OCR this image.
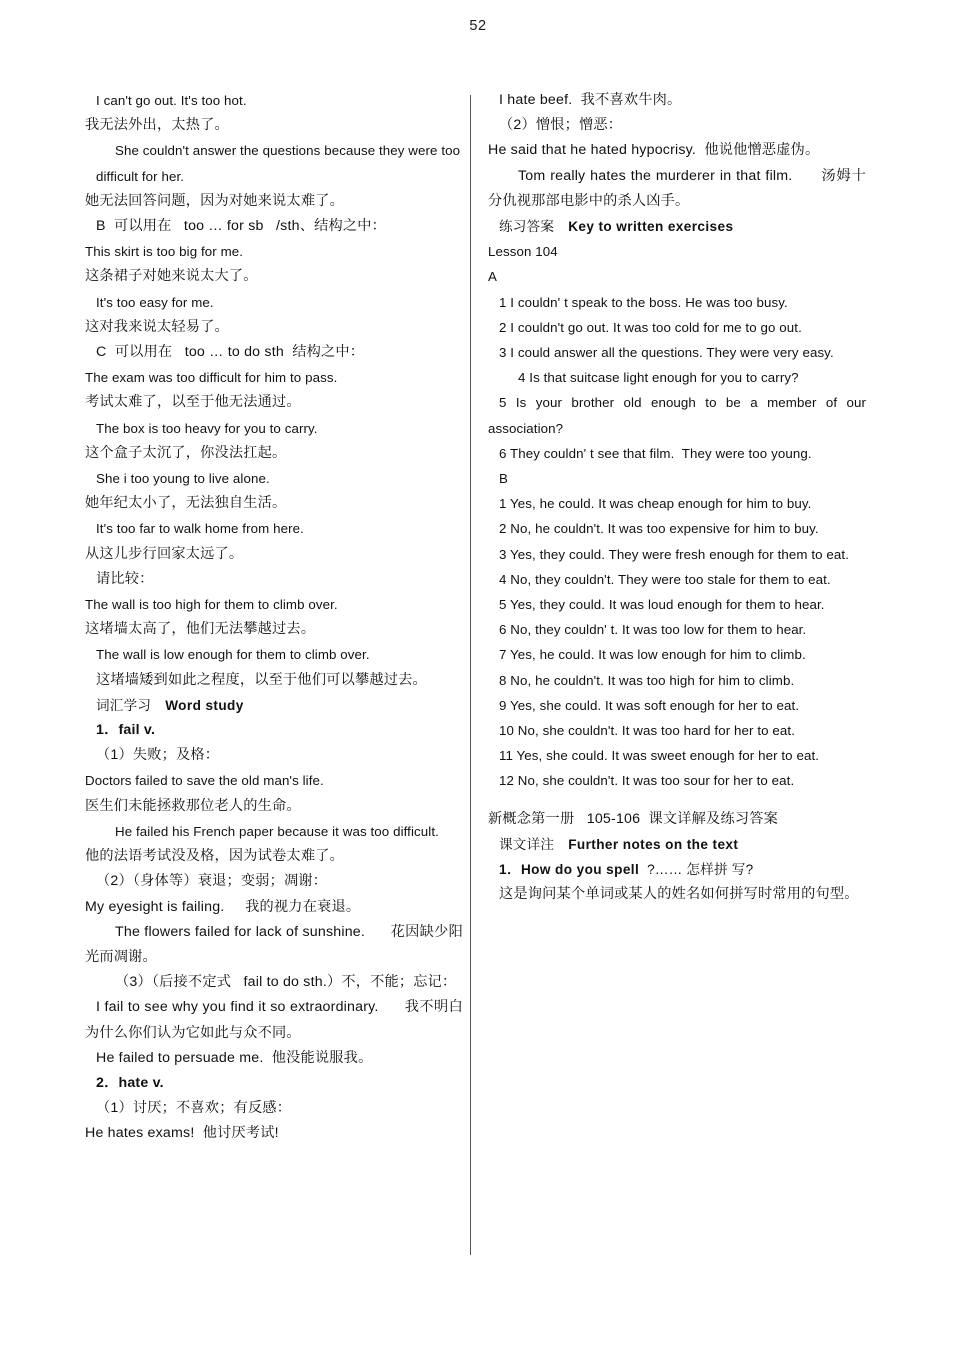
52

I can't go out. It's too hot.

我无法外出，太热了。

She couldn't answer the questions because they were too

difficult for her.

她无法回答问题，因为对她来说太难了。

B  可以用在   too … for sb   /sth、结构之中：

This skirt is too big for me.

这条裙子对她来说太大了。

It's too easy for me.

这对我来说太轻易了。

C  可以用在   too … to do sth  结构之中：

The exam was too difficult for him to pass.

考试太难了，以至于他无法通过。

The box is too heavy for you to carry.

这个盒子太沉了，你没法扛起。

She i too young to live alone.

她年纪太小了，无法独自生活。

It's too far to walk home from here.

从这儿步行回家太远了。

请比较：

The wall is too high for them to climb over.

这堵墙太高了，他们无法攀越过去。

The wall is low enough for them to climb over.

这堵墙矮到如此之程度，以至于他们可以攀越过去。

词汇学习   Word study

1．fail v.

（1）失败；及格：

Doctors failed to save the old man's life.

医生们未能拯救那位老人的生命。

He failed his French paper because it was too difficult.

他的法语考试没及格，因为试卷太难了。

（2）（身体等）衰退；变弱；凋谢：

My eyesight is failing.     我的视力在衰退。

The flowers failed for lack of sunshine.      花因缺少阳光而凋谢。

（3）（后接不定式   fail to do sth.）不，不能；忘记：

I fail to see why you find it so extraordinary.      我不明白为什么你们认为它如此与众不同。

He failed to persuade me.  他没能说服我。

2．hate v.

（1）讨厌；不喜欢；有反感：

He hates exams!  他讨厌考试!

I hate beef.  我不喜欢牛肉。

（2）憎恨；憎恶：

He said that he hated hypocrisy.  他说他憎恶虚伪。

Tom really hates the murderer in that film.      汤姆十分仇视那部电影中的杀人凶手。

练习答案   Key to written exercises

Lesson 104

A

1 I couldn' t speak to the boss. He was too busy.

2 I couldn't go out. It was too cold for me to go out.

3 I could answer all the questions. They were very easy.

4 Is that suitcase light enough for you to carry?

5 Is your brother old enough to be a member of our association?

6 They couldn' t see that film.  They were too young.

B

1 Yes, he could. It was cheap enough for him to buy.

2 No, he couldn't. It was too expensive for him to buy.

3 Yes, they could. They were fresh enough for them to eat.

4 No, they couldn't. They were too stale for them to eat.

5 Yes, they could. It was loud enough for them to hear.

6 No, they couldn' t. It was too low for them to hear.

7 Yes, he could. It was low enough for him to climb.

8 No, he couldn't. It was too high for him to climb.

9 Yes, she could. It was soft enough for her to eat.

10 No, she couldn't. It was too hard for her to eat.

11 Yes, she could. It was sweet enough for her to eat.

12 No, she couldn't. It was too sour for her to eat.

新概念第一册   105-106  课文详解及练习答案

课文详注   Further notes on the text

1．How do you spell  ?…… 怎样拼 写?

这是询问某个单词或某人的姓名如何拼写时常用的句型。
